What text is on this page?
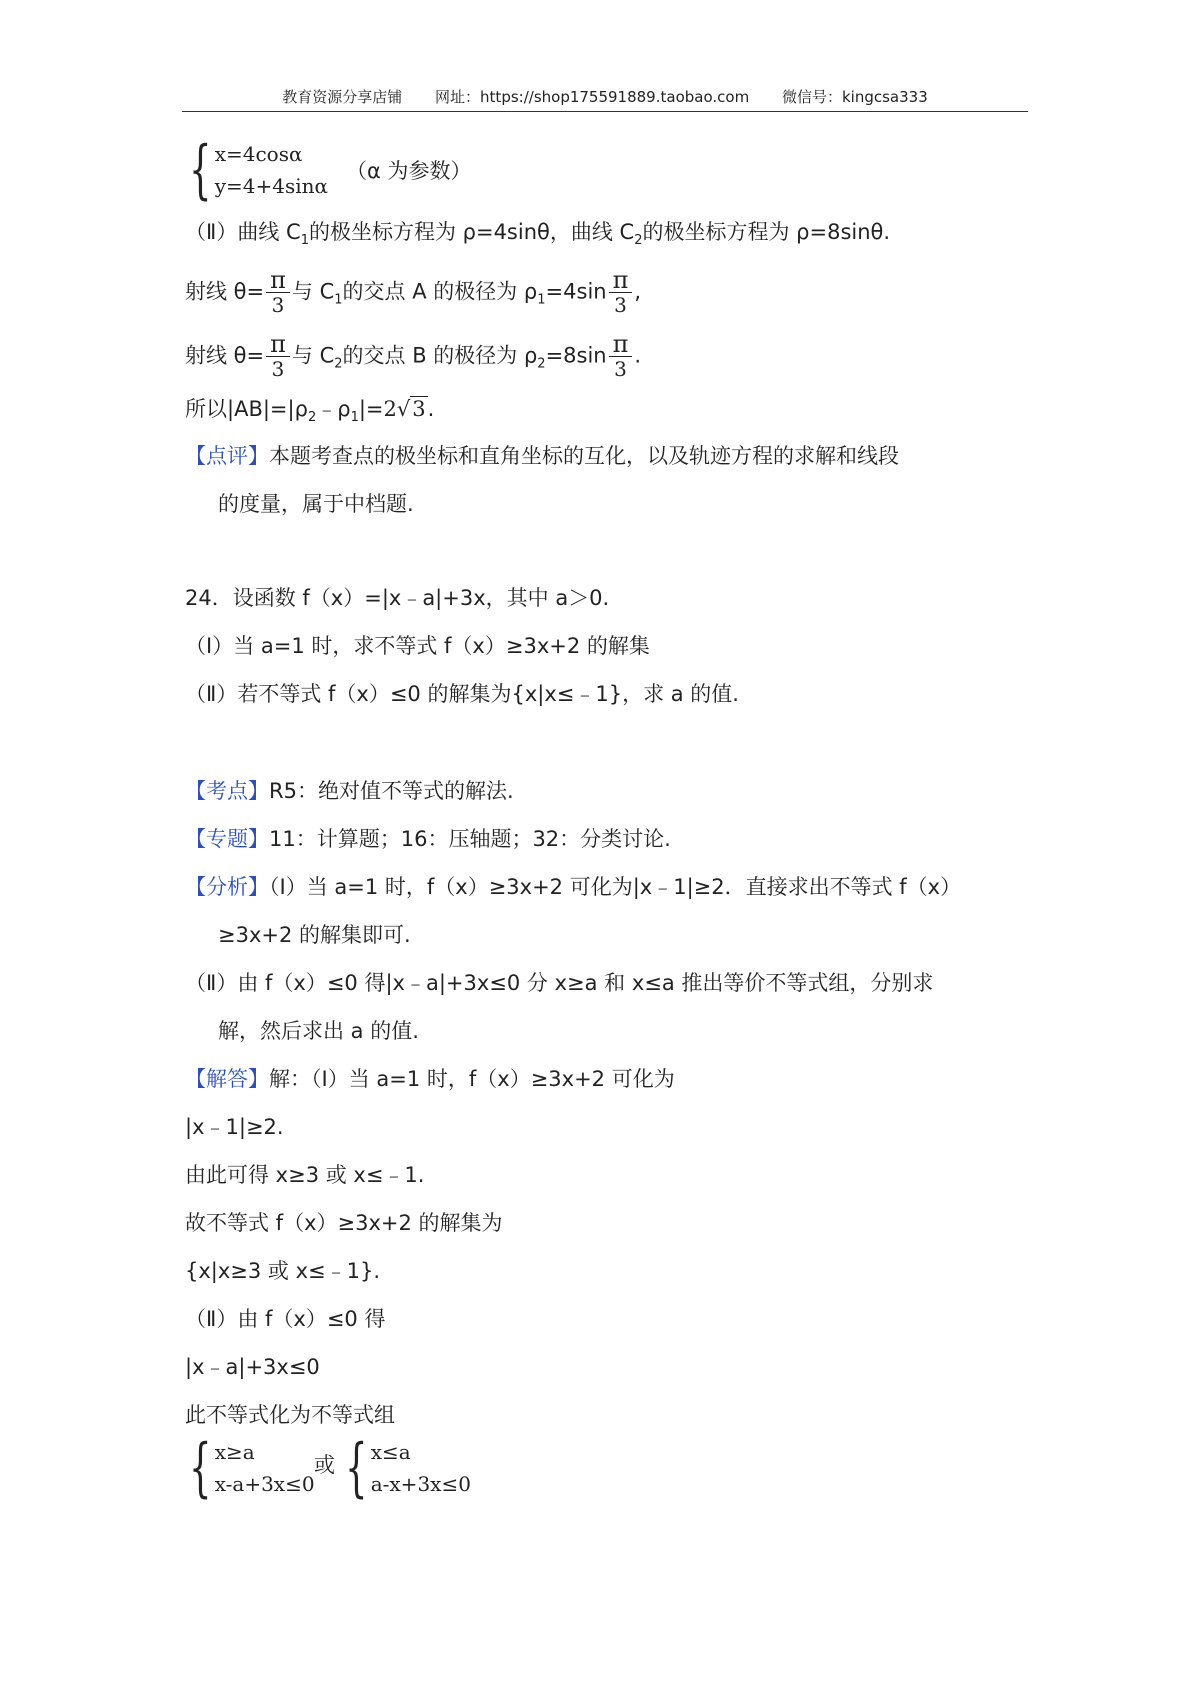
教育资源分享店铺 网址：https://shop175591889.taobao.com 微信号：kingcsa333
{ x=4cosα
y=4+4sinα
（α 为参数）
（Ⅱ）曲线 $C_1$的极坐标方程为 ρ=4sinθ，曲线 $C_2$的极坐标方程为 ρ=8sinθ.
射线 $\theta= \frac{\pi}{3}$ 与 $C_1$的交点 A 的极径为 $\rho_1=4\sin \frac{\pi}{3}$ ,
射线 $\theta= \frac{\pi}{3}$ 与 $C_2$的交点 B 的极径为 $\rho_2=8\sin \frac{\pi}{3}$ .
所以$|AB|=|\rho_2﹣\rho_1|=2√3$.
【点评】本题考查点的极坐标和直角坐标的互化，以及轨迹方程的求解和线段
的度量，属于中档题.
24．设函数 f（x）=|x﹣a|+3x，其中 a＞0.
（Ⅰ）当 a=1 时，求不等式 f（x）≥3x+2 的解集
（Ⅱ）若不等式 f（x）≤0 的解集为{x|x≤﹣1}，求 a 的值.
【考点】R5：绝对值不等式的解法.
【专题】11：计算题；16：压轴题；32：分类讨论.
【分析】（Ⅰ）当 a=1 时，f（x）≥3x+2 可化为|x﹣1|≥2．直接求出不等式 f（x）
≥3x+2 的解集即可.
（Ⅱ）由 f（x）≤0 得|x﹣a|+3x≤0 分 x≥a 和 x≤a 推出等价不等式组，分别求
解，然后求出 a 的值.
【解答】解：（Ⅰ）当 a=1 时，f（x）≥3x+2 可化为
|x﹣1|≥2.
由此可得 x≥3 或 x≤﹣1.
故不等式 f（x）≥3x+2 的解集为
{x|x≥3 或 x≤﹣1}.
（Ⅱ）由 f（x）≤0 得
|x﹣a|+3x≤0
此不等式化为不等式组
{ x≥a
x-a+3x≤0
或 { x≤a
a-x+3x≤0
